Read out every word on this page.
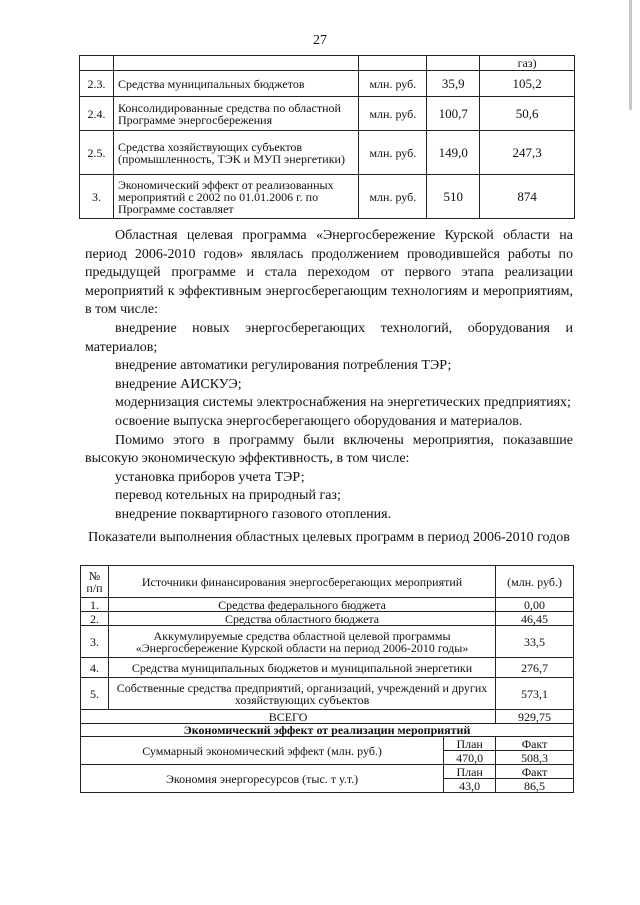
27
				газ)
2.3.	Средства муниципальных бюджетов	млн. руб.	35,9	105,2
2.4.	Консолидированные средства по областной Программе энергосбережения	млн. руб.	100,7	50,6
2.5.	Средства хозяйствующих субъектов (промышленность, ТЭК и МУП энергетики)	млн. руб.	149,0	247,3
3.	Экономический эффект от реализованных мероприятий с 2002 по 01.01.2006 г. по Программе составляет	млн. руб.	510	874

Областная целевая программа «Энергосбережение Курской области на период 2006-2010 годов» являлась продолжением проводившейся работы по предыдущей программе и стала переходом от первого этапа реализации мероприятий к эффективным энергосберегающим технологиям и мероприятиям, в том числе:

внедрение новых энергосберегающих технологий, оборудования и материалов;

внедрение автоматики регулирования потребления ТЭР;

внедрение АИСКУЭ;

модернизация системы электроснабжения на энергетических предприятиях;

освоение выпуска энергосберегающего оборудования и материалов.

Помимо этого в программу были включены мероприятия, показавшие высокую экономическую эффективность, в том числе:

установка приборов учета ТЭР;

перевод котельных на природный газ;

внедрение поквартирного газового отопления.

Показатели выполнения областных целевых программ в период 2006-2010 годов
№ п/п	Источники финансирования энергосберегающих мероприятий		(млн. руб.)
1.	Средства федерального бюджета		0,00
2.	Средства областного бюджета		46,45
3.	Аккумулируемые средства областной целевой программы «Энергосбережение Курской области на период 2006-2010 годы»		33,5
4.	Средства муниципальных бюджетов и муниципальной энергетики		276,7
5.	Собственные средства предприятий, организаций, учреждений и других хозяйствующих субъектов		573,1
ВСЕГО			929,75
Экономический эффект от реализации мероприятий			
Суммарный экономический эффект (млн. руб.)		План	Факт
		470,0	508,3
Экономия энергоресурсов (тыс. т у.т.)		План	Факт
		43,0	86,5
